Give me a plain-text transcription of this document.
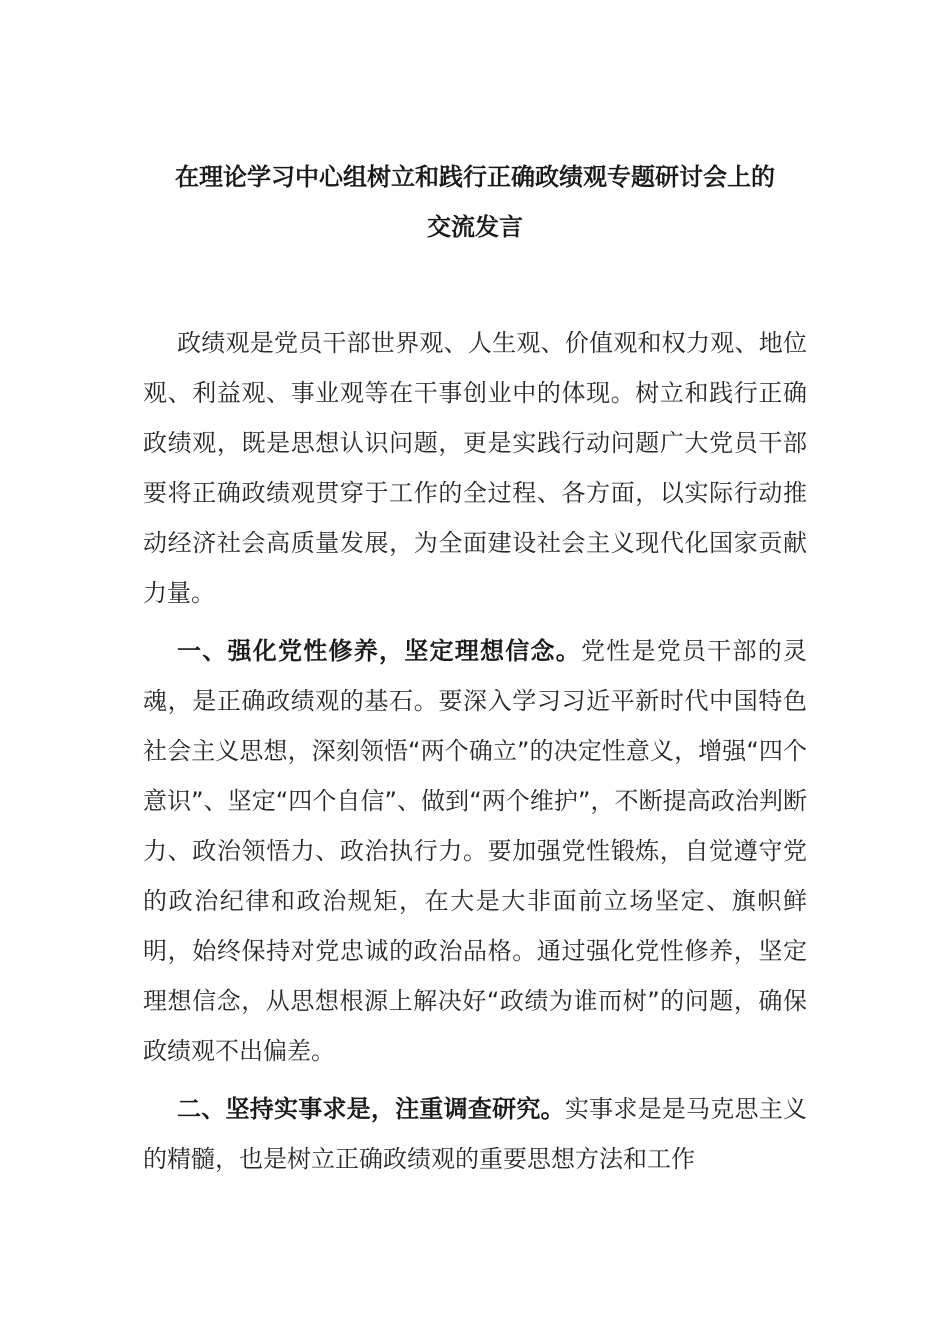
在理论学习中心组树立和践行正确政绩观专题研讨会上的
交流发言

政绩观是党员干部世界观、人生观、价值观和权力观、地位观、利益观、事业观等在干事创业中的体现。树立和践行正确政绩观，既是思想认识问题，更是实践行动问题广大党员干部要将正确政绩观贯穿于工作的全过程、各方面，以实际行动推动经济社会高质量发展，为全面建设社会主义现代化国家贡献力量。

一、强化党性修养，坚定理想信念。党性是党员干部的灵魂，是正确政绩观的基石。要深入学习习近平新时代中国特色社会主义思想，深刻领悟“两个确立”的决定性意义，增强“四个意识”、坚定“四个自信”、做到“两个维护”，不断提高政治判断力、政治领悟力、政治执行力。要加强党性锻炼，自觉遵守党的政治纪律和政治规矩，在大是大非面前立场坚定、旗帜鲜明，始终保持对党忠诚的政治品格。通过强化党性修养，坚定理想信念，从思想根源上解决好“政绩为谁而树”的问题，确保政绩观不出偏差。

二、坚持实事求是，注重调查研究。实事求是是马克思主义的精髓，也是树立正确政绩观的重要思想方法和工作
